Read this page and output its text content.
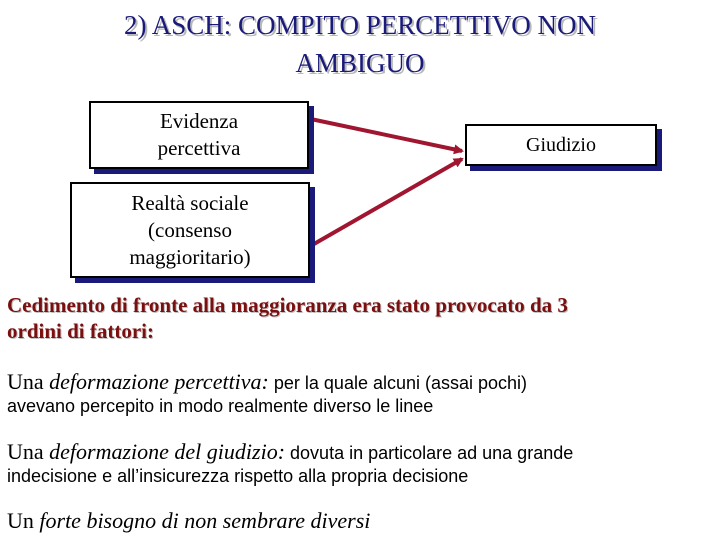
2) ASCH: COMPITO PERCETTIVO NON
AMBIGUO
Evidenza
percettiva	Giudizio
Realtà sociale
(consenso
maggioritario)
Cedimento di fronte alla maggioranza era stato provocato da 3
ordini di fattori:
Una deformazione percettiva: per la quale alcuni (assai pochi)
avevano percepito in modo realmente diverso le linee
Una deformazione del giudizio: dovuta in particolare ad una grande
indecisione e all’insicurezza rispetto alla propria decisione
Un forte bisogno di non sembrare diversi
